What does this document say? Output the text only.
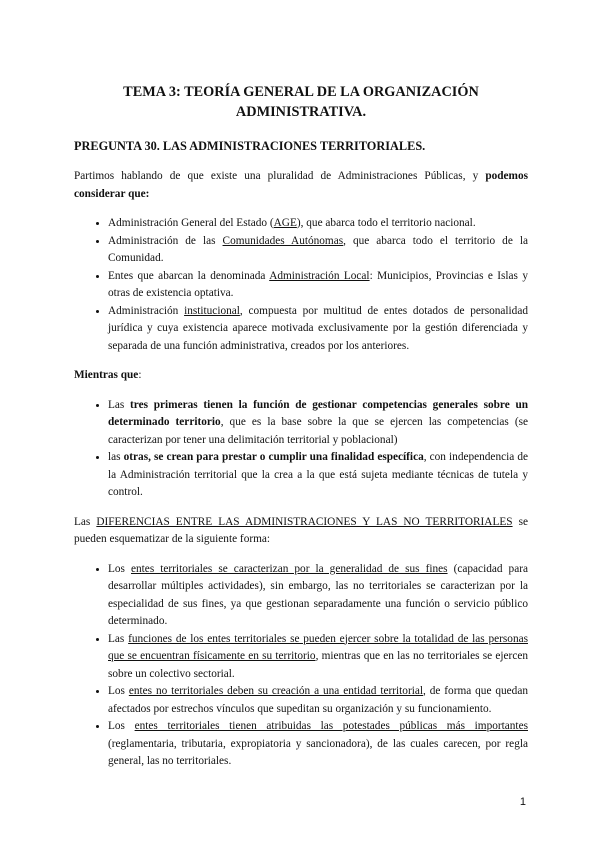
TEMA 3: TEORÍA GENERAL DE LA ORGANIZACIÓN
ADMINISTRATIVA.
PREGUNTA 30. LAS ADMINISTRACIONES TERRITORIALES.

Partimos hablando de que existe una pluralidad de Administraciones Públicas, y podemos considerar que:

• Administración General del Estado (AGE), que abarca todo el territorio nacional.
• Administración de las Comunidades Autónomas, que abarca todo el territorio de la Comunidad.
• Entes que abarcan la denominada Administración Local: Municipios, Provincias e Islas y otras de existencia optativa.
• Administración institucional, compuesta por multitud de entes dotados de personalidad jurídica y cuya existencia aparece motivada exclusivamente por la gestión diferenciada y separada de una función administrativa, creados por los anteriores.

Mientras que:

• Las tres primeras tienen la función de gestionar competencias generales sobre un determinado territorio, que es la base sobre la que se ejercen las competencias (se caracterizan por tener una delimitación territorial y poblacional)
• las otras, se crean para prestar o cumplir una finalidad específica, con independencia de la Administración territorial que la crea a la que está sujeta mediante técnicas de tutela y control.

Las DIFERENCIAS ENTRE LAS ADMINISTRACIONES Y LAS NO TERRITORIALES se pueden esquematizar de la siguiente forma:

• Los entes territoriales se caracterizan por la generalidad de sus fines (capacidad para desarrollar múltiples actividades), sin embargo, las no territoriales se caracterizan por la especialidad de sus fines, ya que gestionan separadamente una función o servicio público determinado.
• Las funciones de los entes territoriales se pueden ejercer sobre la totalidad de las personas que se encuentran físicamente en su territorio, mientras que en las no territoriales se ejercen sobre un colectivo sectorial.
• Los entes no territoriales deben su creación a una entidad territorial, de forma que quedan afectados por estrechos vínculos que supeditan su organización y su funcionamiento.
• Los entes territoriales tienen atribuidas las potestades públicas más importantes (reglamentaria, tributaria, expropiatoria y sancionadora), de las cuales carecen, por regla general, las no territoriales.
1
